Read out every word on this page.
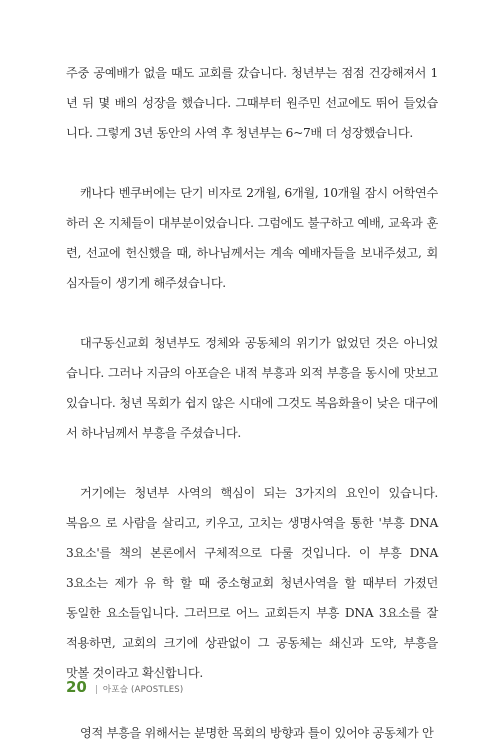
주중 공예배가 없을 때도 교회를 갔습니다. 청년부는 점점 건강해져서 1 년 뒤 몇 배의 성장을 했습니다. 그때부터 원주민 선교에도 뛰어 들었습 니다. 그렇게 3년 동안의 사역 후 청년부는 6~7배 더 성장했습니다.

캐나다 벤쿠버에는 단기 비자로 2개월, 6개월, 10개월 잠시 어학연수 하러 온 지체들이 대부분이었습니다. 그럼에도 불구하고 예배, 교육과 훈 련, 선교에 헌신했을 때, 하나님께서는 계속 예배자들을 보내주셨고, 회 심자들이 생기게 해주셨습니다.

대구동신교회 청년부도 정체와 공동체의 위기가 없었던 것은 아니었 습니다. 그러나 지금의 아포슬은 내적 부흥과 외적 부흥을 동시에 맛보고 있습니다. 청년 목회가 쉽지 않은 시대에 그것도 복음화율이 낮은 대구에 서 하나님께서 부흥을 주셨습니다.

거기에는 청년부 사역의 핵심이 되는 3가지의 요인이 있습니다. 복음으 로 사람을 살리고, 키우고, 고치는 생명사역을 통한 '부흥 DNA 3요소'를 책의 본론에서 구체적으로 다룰 것입니다. 이 부흥 DNA 3요소는 제가 유 학 할 때 중소형교회 청년사역을 할 때부터 가졌던 동일한 요소들입니다. 그러므로 어느 교회든지 부흥 DNA 3요소를 잘 적용하면, 교회의 크기에 상관없이 그 공동체는 쇄신과 도약, 부흥을 맛볼 것이라고 확신합니다.

영적 부흥을 위해서는 분명한 목회의 방향과 틀이 있어야 공동체가 안

20 | 아포슬 (APOSTLES)
